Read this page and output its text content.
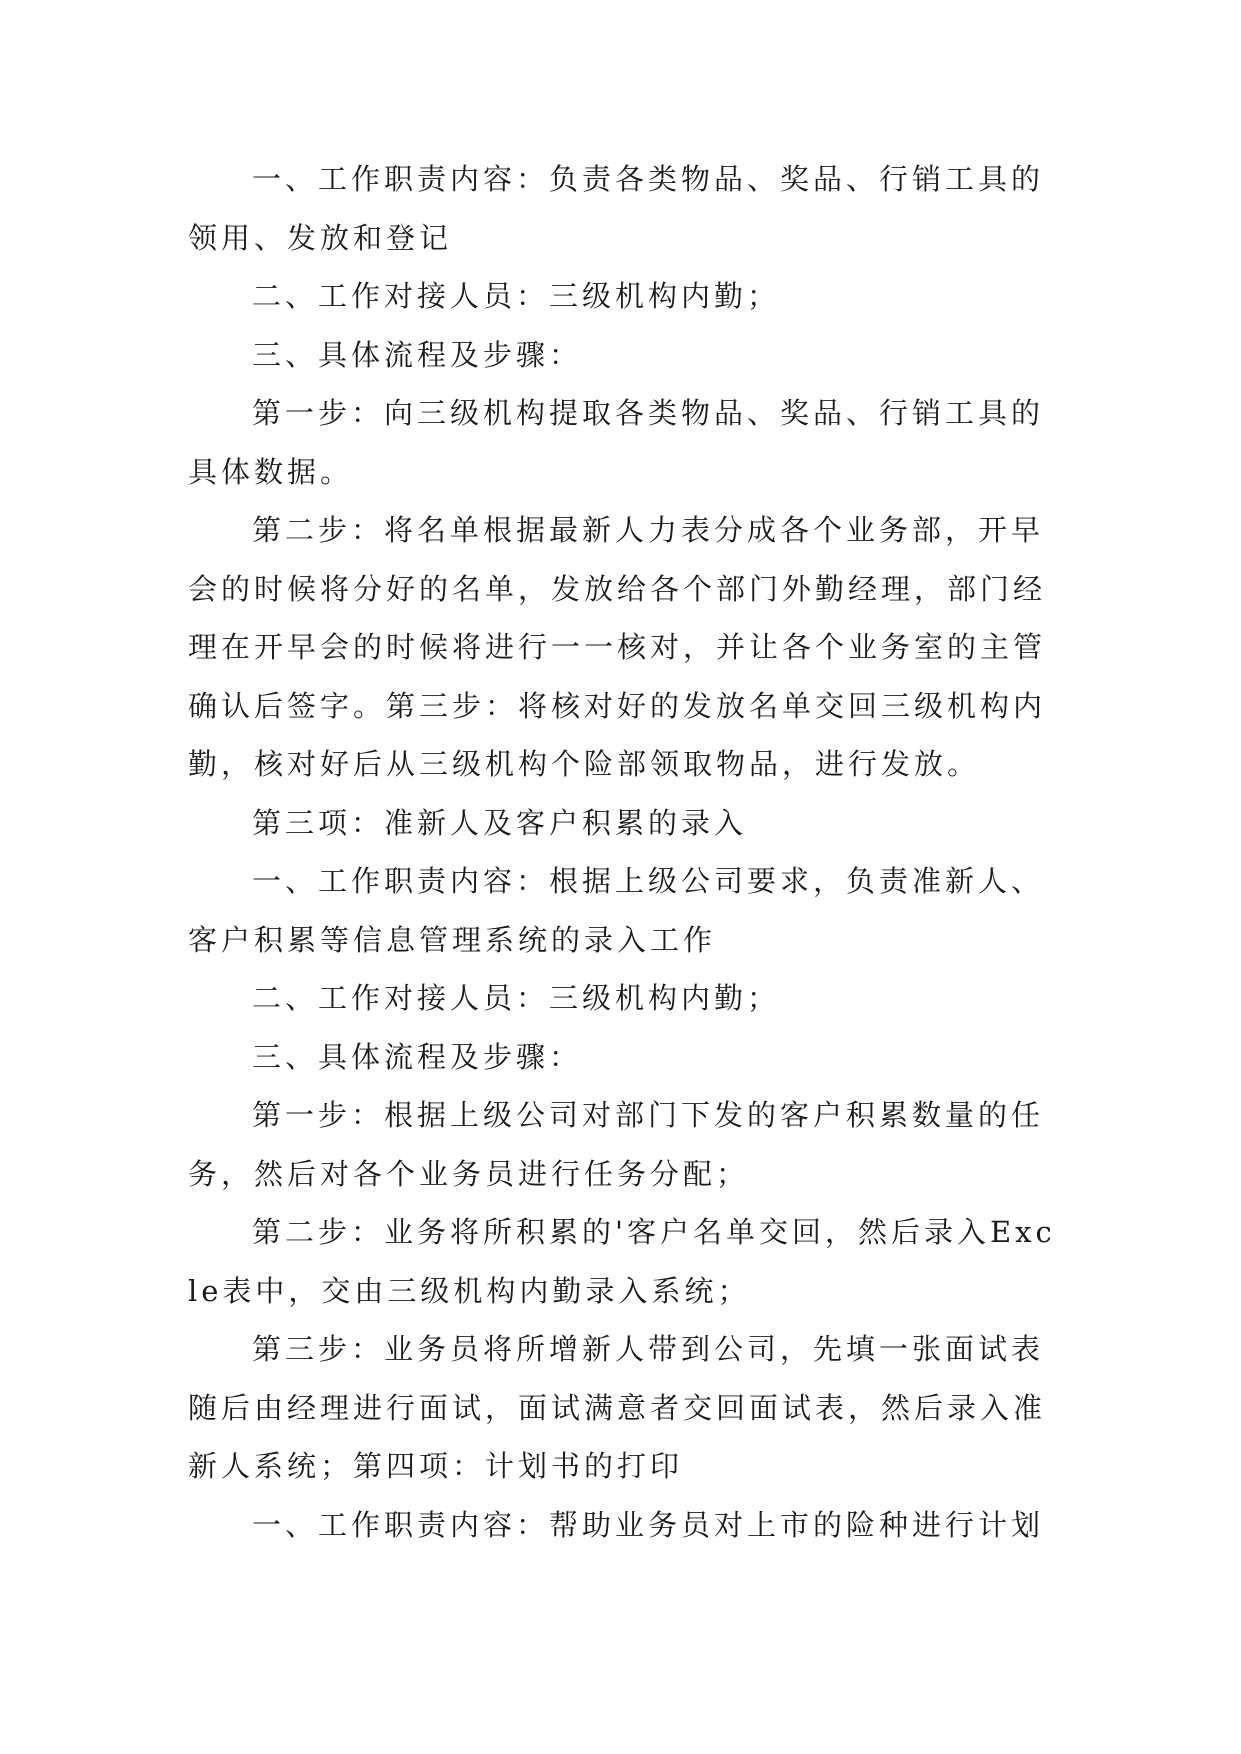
一、工作职责内容：负责各类物品、奖品、行销工具的领用、发放和登记

二、工作对接人员：三级机构内勤；

三、具体流程及步骤：

第一步：向三级机构提取各类物品、奖品、行销工具的具体数据。

第二步：将名单根据最新人力表分成各个业务部，开早会的时候将分好的名单，发放给各个部门外勤经理，部门经理在开早会的时候将进行一一核对，并让各个业务室的主管确认后签字。第三步：将核对好的发放名单交回三级机构内勤，核对好后从三级机构个险部领取物品，进行发放。

第三项：准新人及客户积累的录入

一、工作职责内容：根据上级公司要求，负责准新人、客户积累等信息管理系统的录入工作

二、工作对接人员：三级机构内勤；

三、具体流程及步骤：

第一步：根据上级公司对部门下发的客户积累数量的任务，然后对各个业务员进行任务分配；

第二步：业务将所积累的'客户名单交回，然后录入Excle表中，交由三级机构内勤录入系统；

第三步：业务员将所增新人带到公司，先填一张面试表随后由经理进行面试，面试满意者交回面试表，然后录入准新人系统；第四项：计划书的打印

一、工作职责内容：帮助业务员对上市的险种进行计划
